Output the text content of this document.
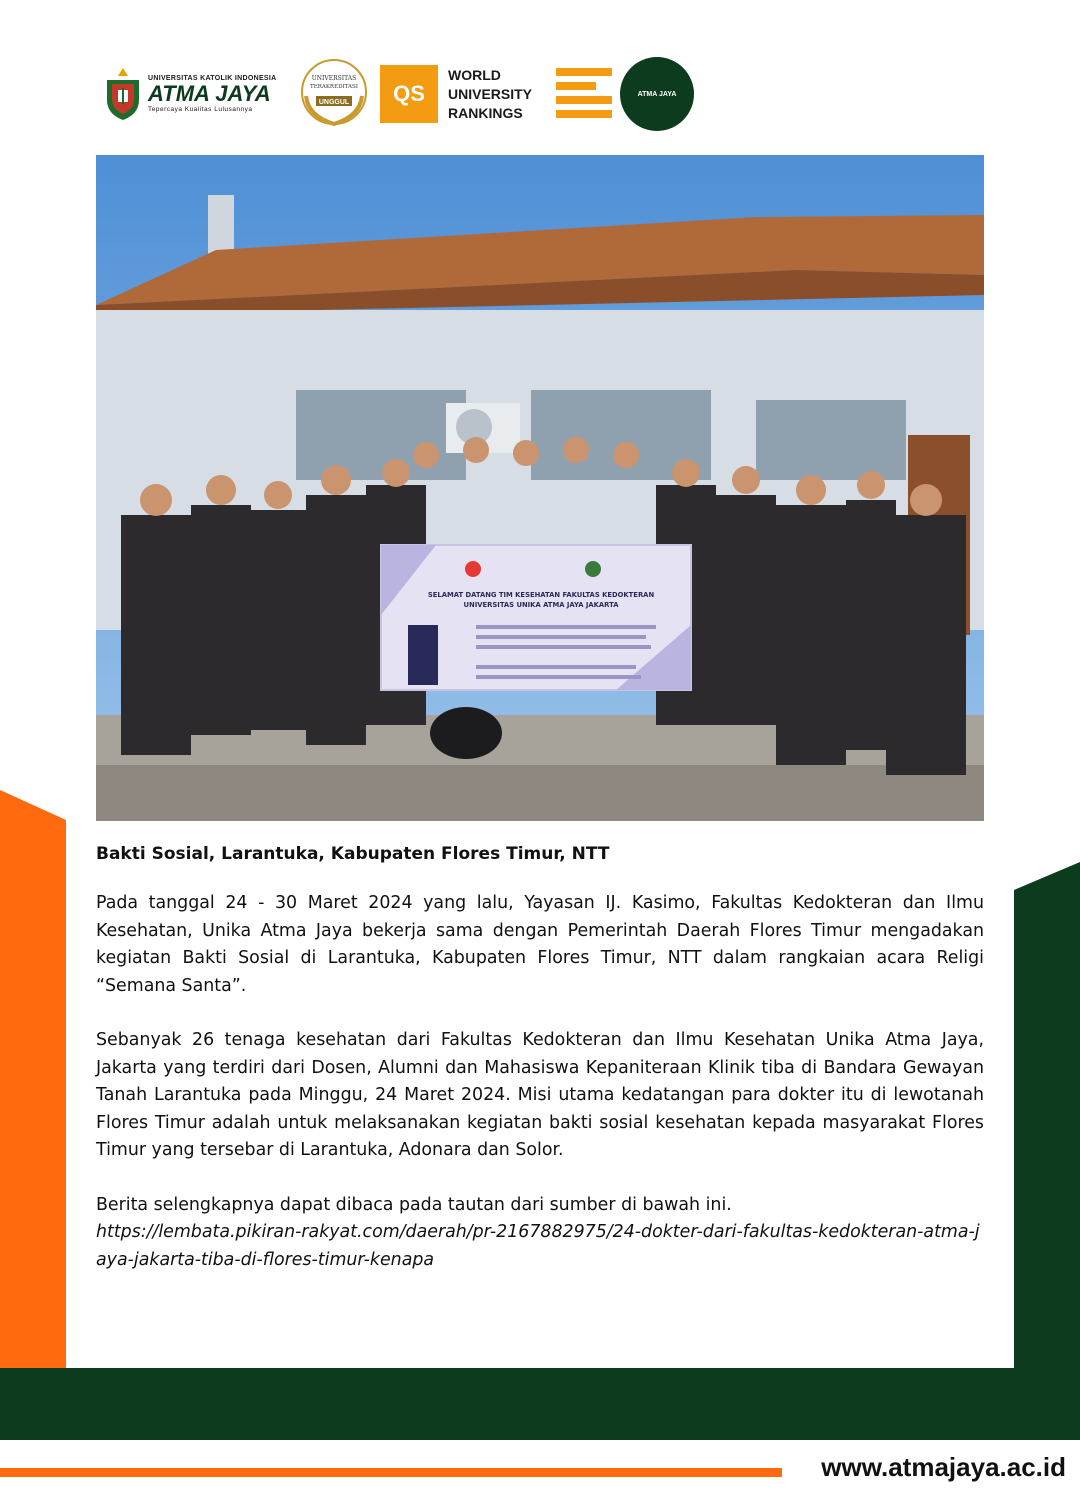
UNIVERSITAS KATOLIK INDONESIA
ATMA JAYA
Tepercaya Kualitas Lulusannya
UNIVERSITAS
TERAKREDITASI
UNGGUL	QS
WORLD
UNIVERSITY
RANKINGS
ATMA JAYA
SELAMAT DATANG TIM KESEHATAN FAKULTAS KEDOKTERAN
UNIVERSITAS UNIKA ATMA JAYA JAKARTA

Bakti Sosial, Larantuka, Kabupaten Flores Timur, NTT

Pada tanggal 24 - 30 Maret 2024 yang lalu, Yayasan IJ. Kasimo, Fakultas Kedokteran dan Ilmu Kesehatan, Unika Atma Jaya bekerja sama dengan Pemerintah Daerah Flores Timur mengadakan kegiatan Bakti Sosial di Larantuka, Kabupaten Flores Timur, NTT dalam rangkaian acara Religi “Semana Santa”.

Sebanyak 26 tenaga kesehatan dari Fakultas Kedokteran dan Ilmu Kesehatan Unika Atma Jaya, Jakarta yang terdiri dari Dosen, Alumni dan Mahasiswa Kepaniteraan Klinik tiba di Bandara Gewayan Tanah Larantuka pada Minggu, 24 Maret 2024. Misi utama kedatangan para dokter itu di lewotanah Flores Timur adalah untuk melaksanakan kegiatan bakti sosial kesehatan kepada masyarakat Flores Timur yang tersebar di Larantuka, Adonara dan Solor.

Berita selengkapnya dapat dibaca pada tautan dari sumber di bawah ini.

https://lembata.pikiran-rakyat.com/daerah/pr-2167882975/24-dokter-dari-fakultas-kedokteran-atma-jaya-jakarta-tiba-di-flores-timur-kenapa

www.atmajaya.ac.id
